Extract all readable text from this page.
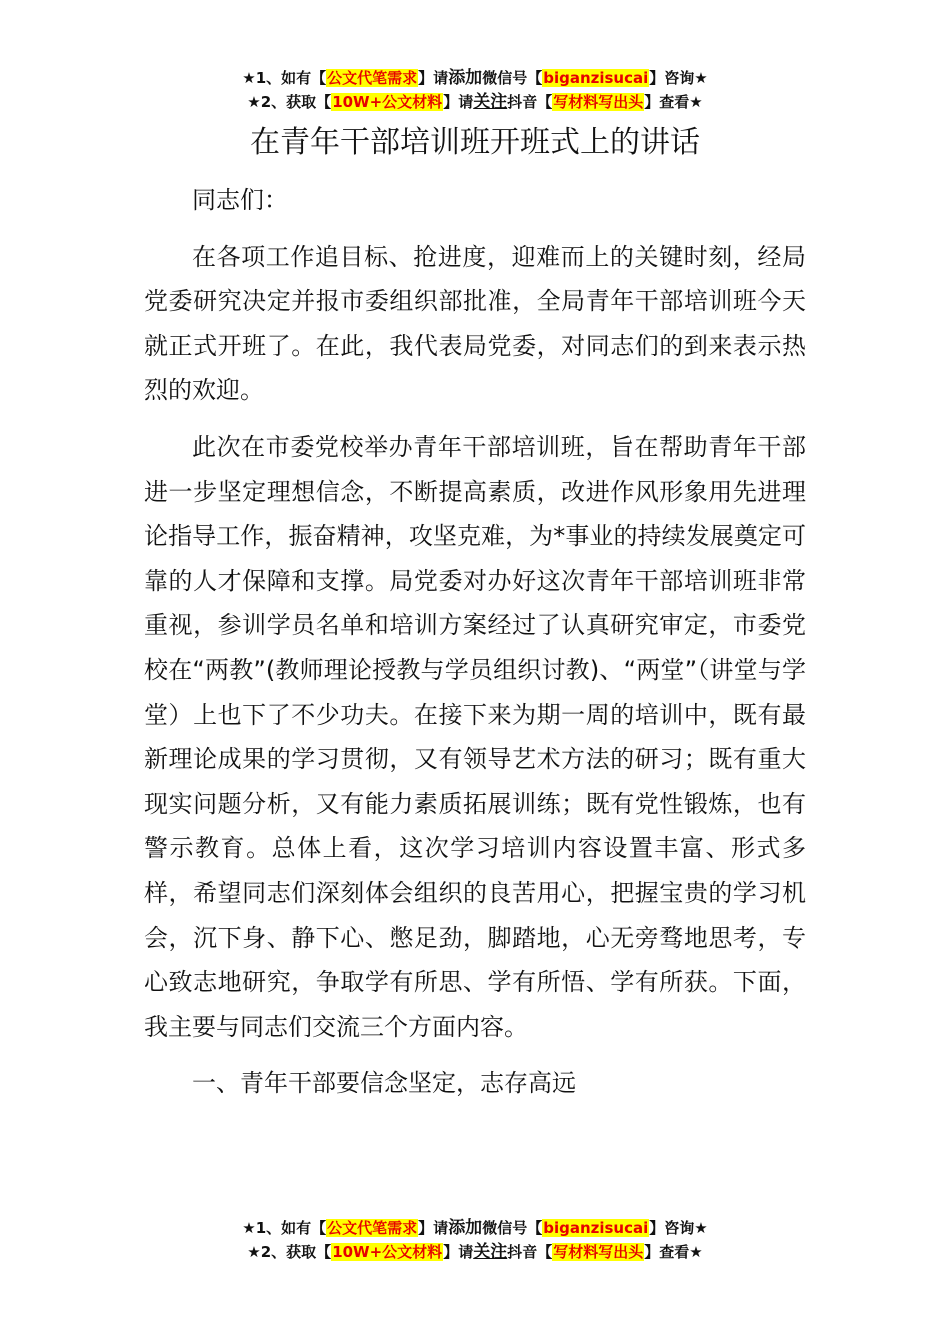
★1、如有【公文代笔需求】请添加微信号【biganzisucai】咨询★
★2、获取【10W+公文材料】请关注抖音【写材料写出头】查看★
在青年干部培训班开班式上的讲话

同志们：

在各项工作追目标、抢进度，迎难而上的关键时刻，经局党委研究决定并报市委组织部批准，全局青年干部培训班今天就正式开班了。在此，我代表局党委，对同志们的到来表示热烈的欢迎。

此次在市委党校举办青年干部培训班，旨在帮助青年干部进一步坚定理想信念，不断提高素质，改进作风形象用先进理论指导工作，振奋精神，攻坚克难，为*事业的持续发展奠定可靠的人才保障和支撑。局党委对办好这次青年干部培训班非常重视，参训学员名单和培训方案经过了认真研究审定，市委党校在“两教”(教师理论授教与学员组织讨教)、“两堂”（讲堂与学堂）上也下了不少功夫。在接下来为期一周的培训中，既有最新理论成果的学习贯彻，又有领导艺术方法的研习；既有重大现实问题分析，又有能力素质拓展训练；既有党性锻炼，也有警示教育。总体上看，这次学习培训内容设置丰富、形式多样，希望同志们深刻体会组织的良苦用心，把握宝贵的学习机会，沉下身、静下心、憋足劲，脚踏地，心无旁骛地思考，专心致志地研究，争取学有所思、学有所悟、学有所获。下面，我主要与同志们交流三个方面内容。

一、青年干部要信念坚定，志存高远

★1、如有【公文代笔需求】请添加微信号【biganzisucai】咨询★
★2、获取【10W+公文材料】请关注抖音【写材料写出头】查看★
